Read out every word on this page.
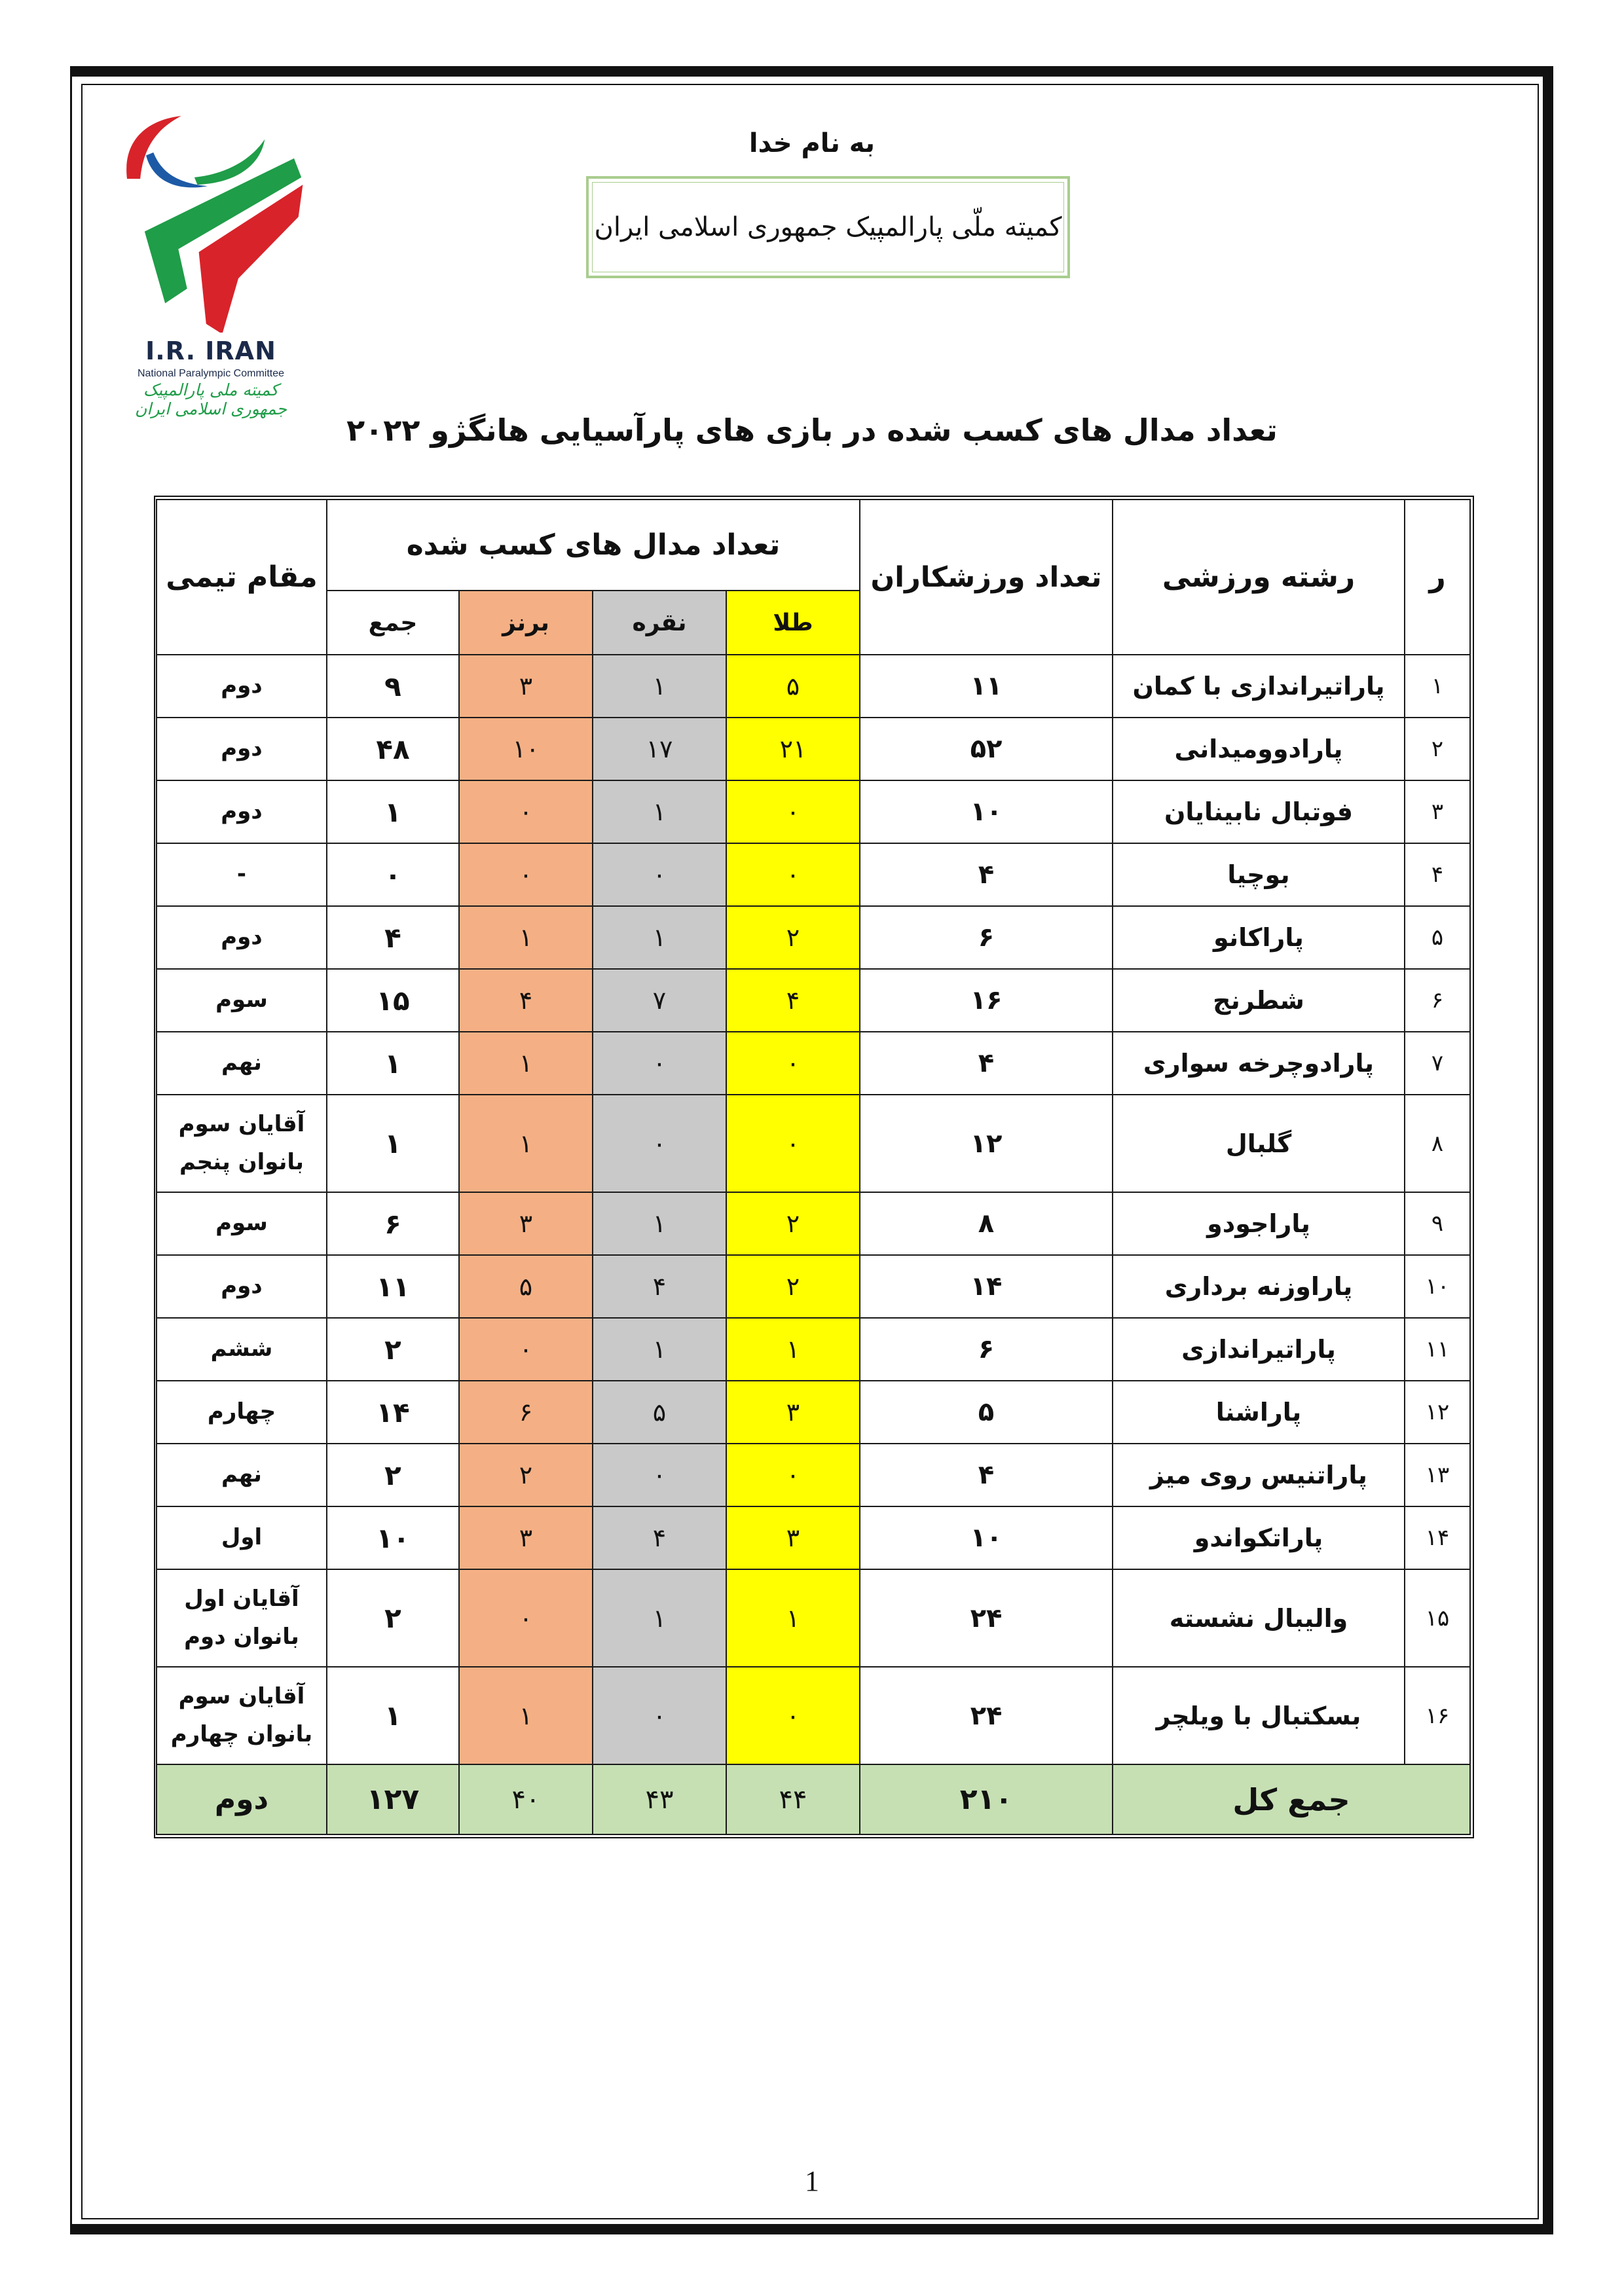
I.R. IRAN
National Paralympic Committee
کمیته ملی پارالمپیک جمهوری اسلامی ایران
به نام خدا
کمیته ملّی پارالمپیک جمهوری اسلامی ایران
تعداد مدال های کسب شده در بازی های پارآسیایی هانگژو ۲۰۲۲
ر	رشته ورزشی	تعداد ورزشکاران	تعداد مدال های کسب شده				مقام تیمی
			طلا	نقره	برنز	جمع	
۱	پاراتیراندازی با کمان	۱۱	۵	۱	۳	۹	دوم

۲	پارادوومیدانی	۵۲	۲۱	۱۷	۱۰	۴۸	دوم

۳	فوتبال نابینایان	۱۰	۰	۱	۰	۱	دوم

۴	بوچیا	۴	۰	۰	۰	۰	-

۵	پاراکانو	۶	۲	۱	۱	۴	دوم

۶	شطرنج	۱۶	۴	۷	۴	۱۵	سوم

۷	پارادوچرخه سواری	۴	۰	۰	۱	۱	نهم

۸	گلبال	۱۲	۰	۰	۱	۱	آقایان سوم
بانوان پنجم

۹	پاراجودو	۸	۲	۱	۳	۶	سوم

۱۰	پاراوزنه برداری	۱۴	۲	۴	۵	۱۱	دوم

۱۱	پاراتیراندازی	۶	۱	۱	۰	۲	ششم

۱۲	پاراشنا	۵	۳	۵	۶	۱۴	چهارم

۱۳	پاراتنیس روی میز	۴	۰	۰	۲	۲	نهم

۱۴	پاراتکواندو	۱۰	۳	۴	۳	۱۰	اول

۱۵	والیبال نشسته	۲۴	۱	۱	۰	۲	آقایان اول
بانوان دوم

۱۶	بسکتبال با ویلچر	۲۴	۰	۰	۱	۱	آقایان سوم
بانوان چهارم

جمع کل		۲۱۰	۴۴	۴۳	۴۰	۱۲۷	دوم
1
